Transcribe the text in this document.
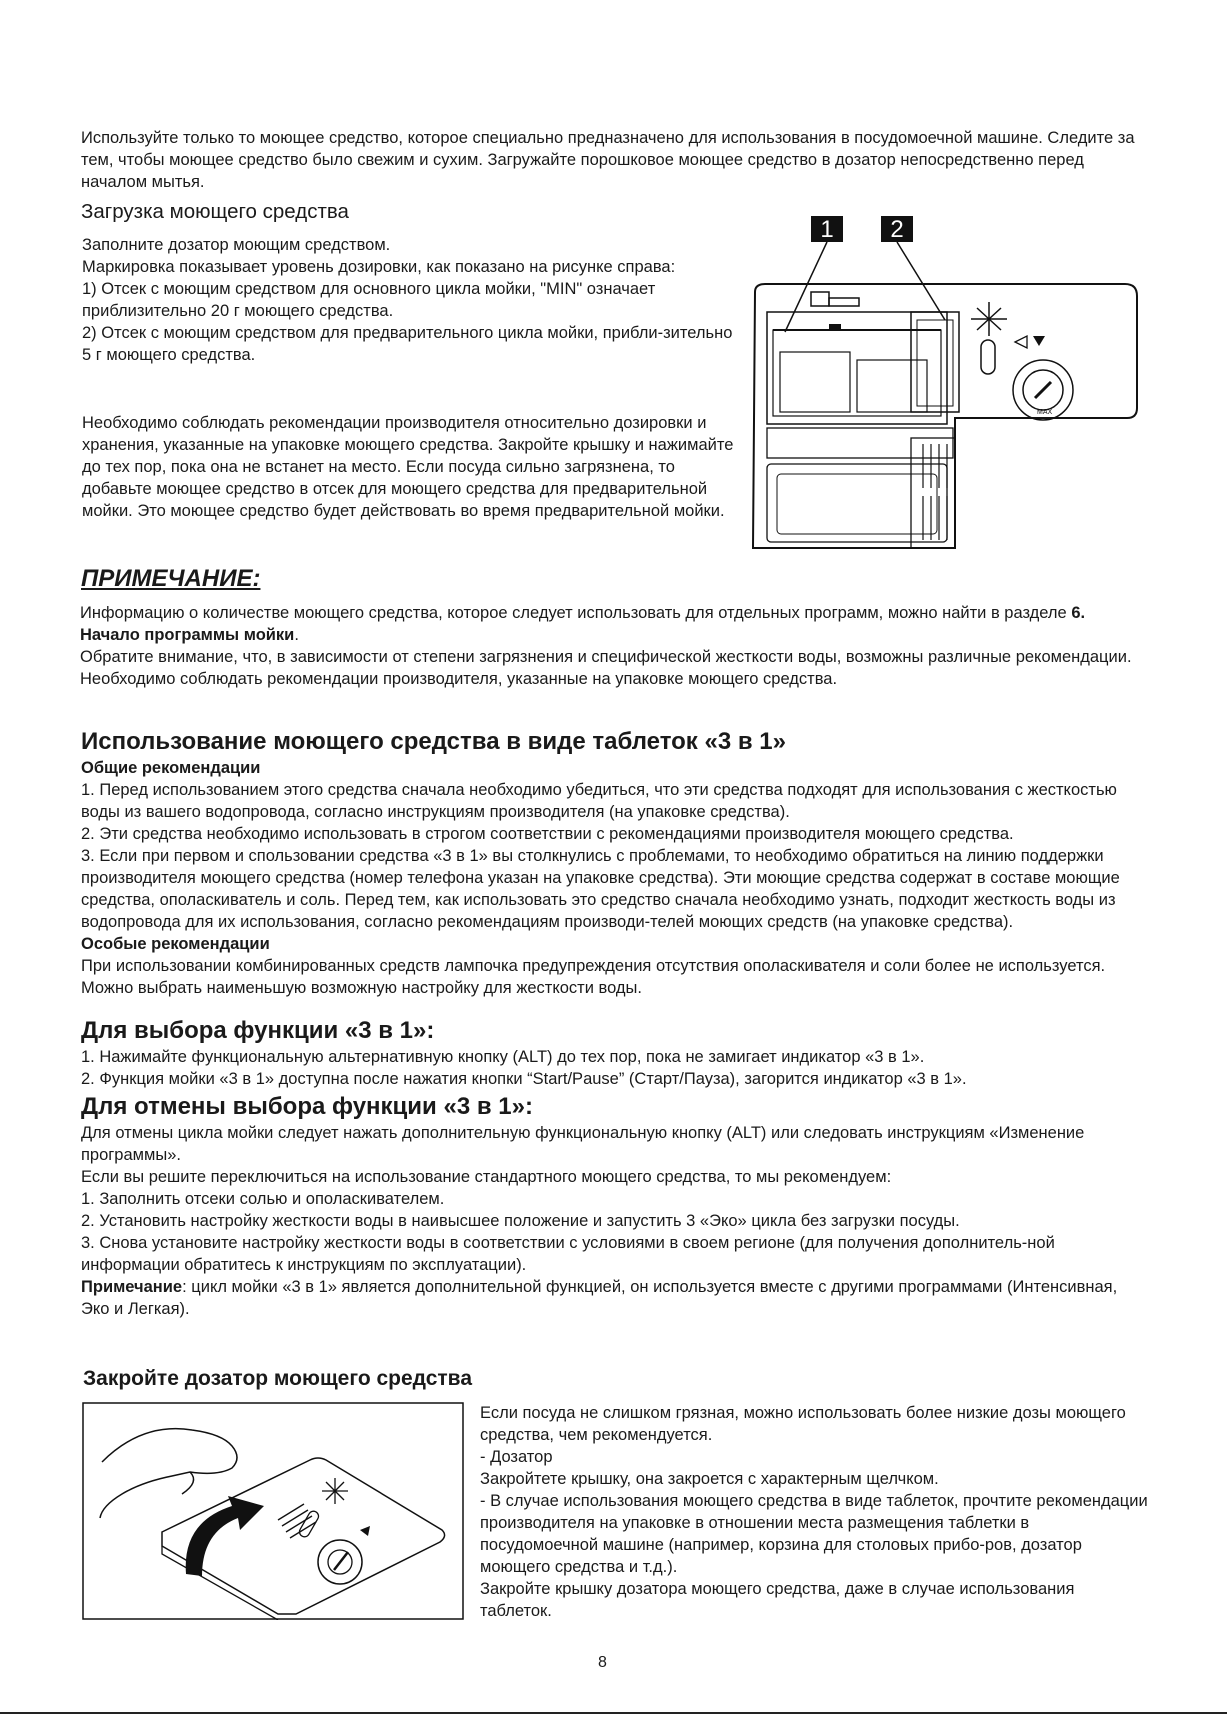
Используйте только то моющее средство, которое специально предназначено для использования в посудомоечной машине. Следите за тем, чтобы моющее средство было свежим и сухим. Загружайте порошковое моющее средство в дозатор непосредственно перед началом мытья.

Загрузка моющего средства

Заполните дозатор моющим средством.

Маркировка показывает уровень дозировки, как показано на рисунке справа:

1) Отсек с моющим средством для основного цикла мойки, "MIN" означает приблизительно 20 г моющего средства.

2) Отсек с моющим средством для предварительного цикла мойки, прибли-зительно 5 г моющего средства.

Необходимо соблюдать рекомендации производителя относительно дозировки и хранения, указанные на упаковке моющего средства. Закройте крышку и нажимайте до тех пор, пока она не встанет на место. Если посуда сильно загрязнена, то добавьте моющее средство в отсек для моющего средства для предварительной мойки. Это моющее средство будет действовать во время предварительной мойки.

1 2
MAX
ПРИМЕЧАНИЕ:

Информацию о количестве моющего средства, которое следует использовать для отдельных программ, можно найти в разделе 6. Начало программы мойки.

Обратите внимание, что, в зависимости от степени загрязнения и специфической жесткости воды, возможны различные рекомендации.

Необходимо соблюдать рекомендации производителя, указанные на упаковке моющего средства.

Использование моющего средства в виде таблеток «3 в 1»

Общие рекомендации

1. Перед использованием этого средства сначала необходимо убедиться, что эти средства подходят для использования с жесткостью воды из вашего водопровода, согласно инструкциям производителя (на упаковке средства).

2. Эти средства необходимо использовать в строгом соответствии с рекомендациями производителя моющего средства.

3. Если при первом и спользовании средства «3 в 1» вы столкнулись с проблемами, то необходимо обратиться на линию поддержки производителя моющего средства (номер телефона указан на упаковке средства). Эти моющие средства содержат в составе моющие средства, ополаскиватель и соль. Перед тем, как использовать это средство сначала необходимо узнать, подходит жесткость воды из водопровода для их использования, согласно рекомендациям производи-телей моющих средств (на упаковке средства).

Особые рекомендации

При использовании комбинированных средств лампочка предупреждения отсутствия ополаскивателя и соли более не используется. Можно выбрать наименьшую возможную настройку для жесткости воды.

Для выбора функции «3 в 1»:

1. Нажимайте функциональную альтернативную кнопку (ALT) до тех пор, пока не замигает индикатор «3 в 1».

2. Функция мойки «3 в 1» доступна после нажатия кнопки “Start/Pause” (Старт/Пауза), загорится индикатор «3 в 1».

Для отмены выбора функции «3 в 1»:

Для отмены цикла мойки следует нажать дополнительную функциональную кнопку (ALT) или следовать инструкциям «Изменение программы».

Если вы решите переключиться на использование стандартного моющего средства, то мы рекомендуем:

1. Заполнить отсеки солью и ополаскивателем.

2. Установить настройку жесткости воды в наивысшее положение и запустить 3 «Эко» цикла без загрузки посуды.

3. Снова установите настройку жесткости воды в соответствии с условиями в своем регионе (для получения дополнитель-ной информации обратитесь к инструкциям по эксплуатации).

Примечание: цикл мойки «3 в 1» является дополнительной функцией, он используется вместе с другими программами (Интенсивная, Эко и Легкая).

Закройте дозатор моющего средства

Если посуда не слишком грязная, можно использовать более низкие дозы моющего средства, чем рекомендуется.

- Дозатор

Закройтете крышку, она закроется с характерным щелчком.

- В случае использования моющего средства в виде таблеток, прочтите рекомендации производителя на упаковке в отношении места размещения таблетки в посудомоечной машине (например, корзина для столовых прибо-ров, дозатор моющего средства и т.д.).

Закройте крышку дозатора моющего средства, даже в случае использования таблеток.

8
